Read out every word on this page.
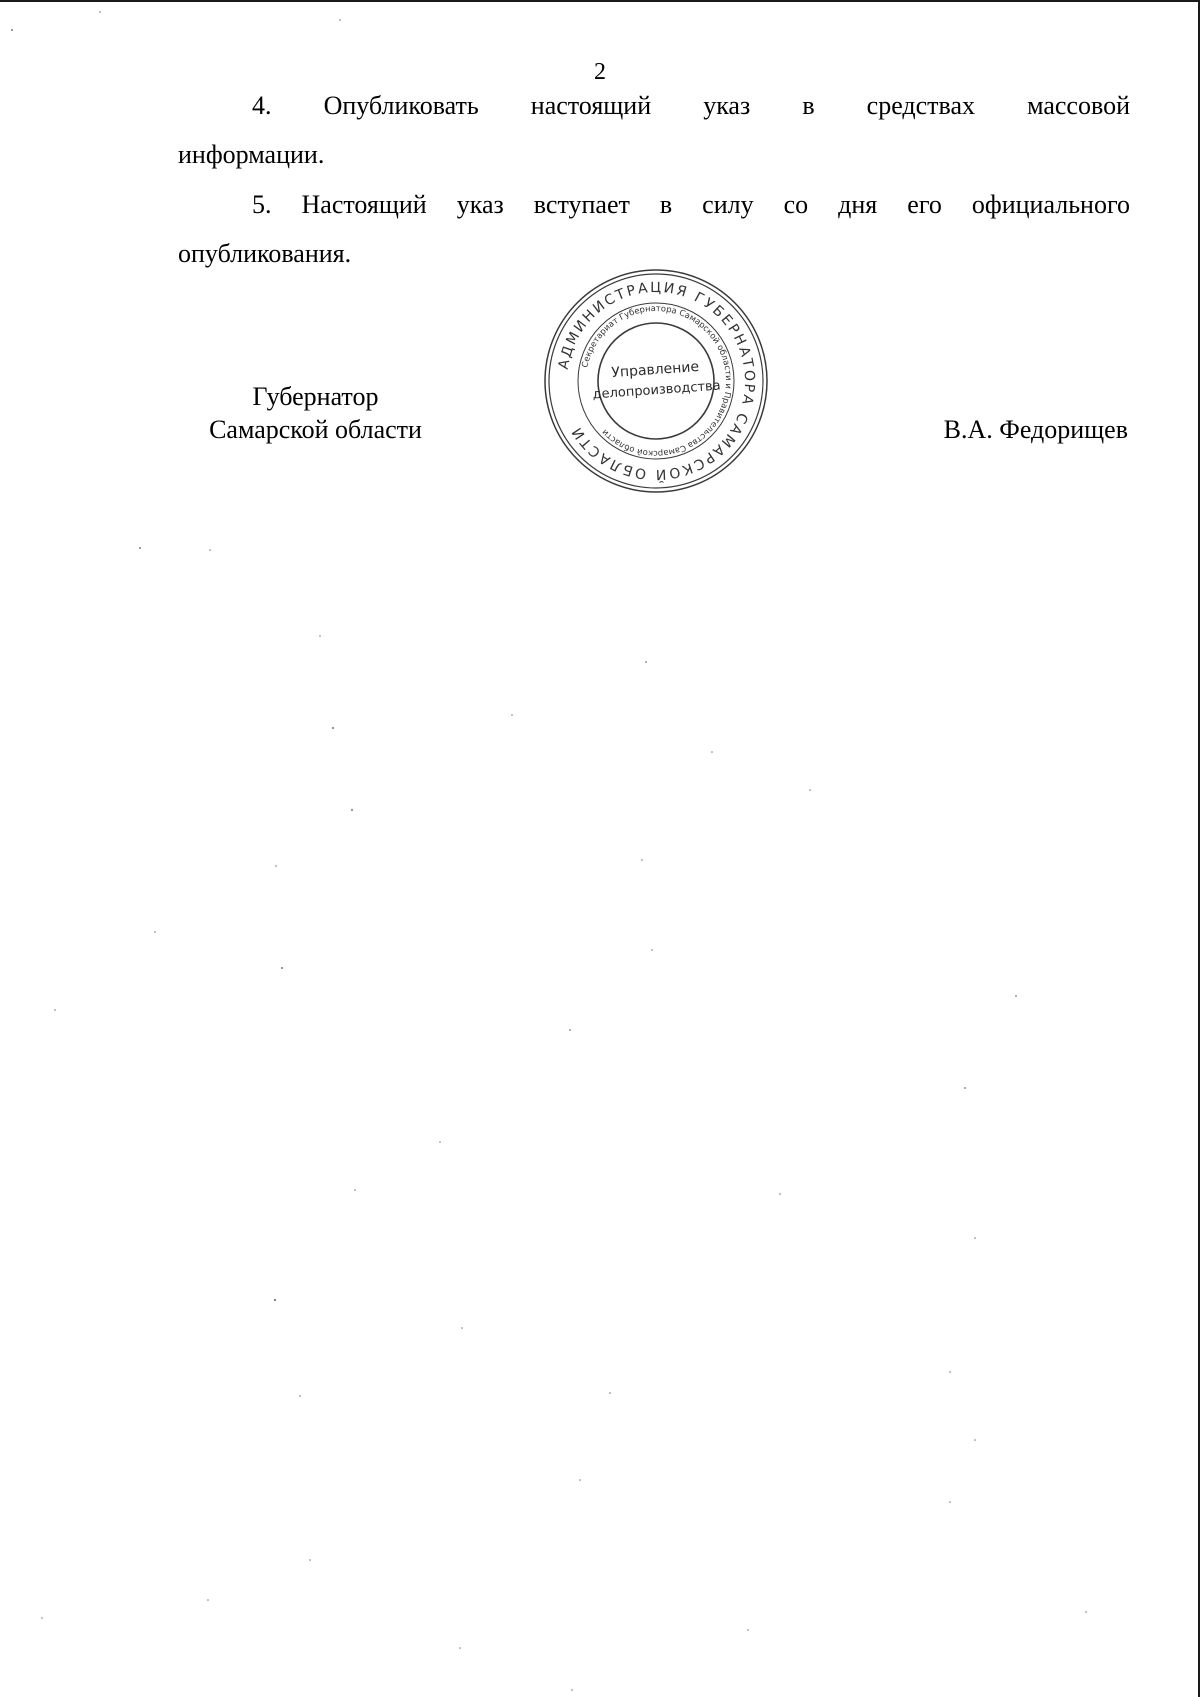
2
4. Опубликовать настоящий указ в средствах массовой
информации.
5. Настоящий указ вступает в силу со дня его официального
опубликования.
Губернатор
Самарской области	В.А. Федорищев
АДМИНИСТРАЦИЯ ГУБЕРНАТОРА САМАРСКОЙ ОБЛАСТИ
Секретариат Губернатора Самарской области и Правительства Самарской области
Управление
делопроизводства
